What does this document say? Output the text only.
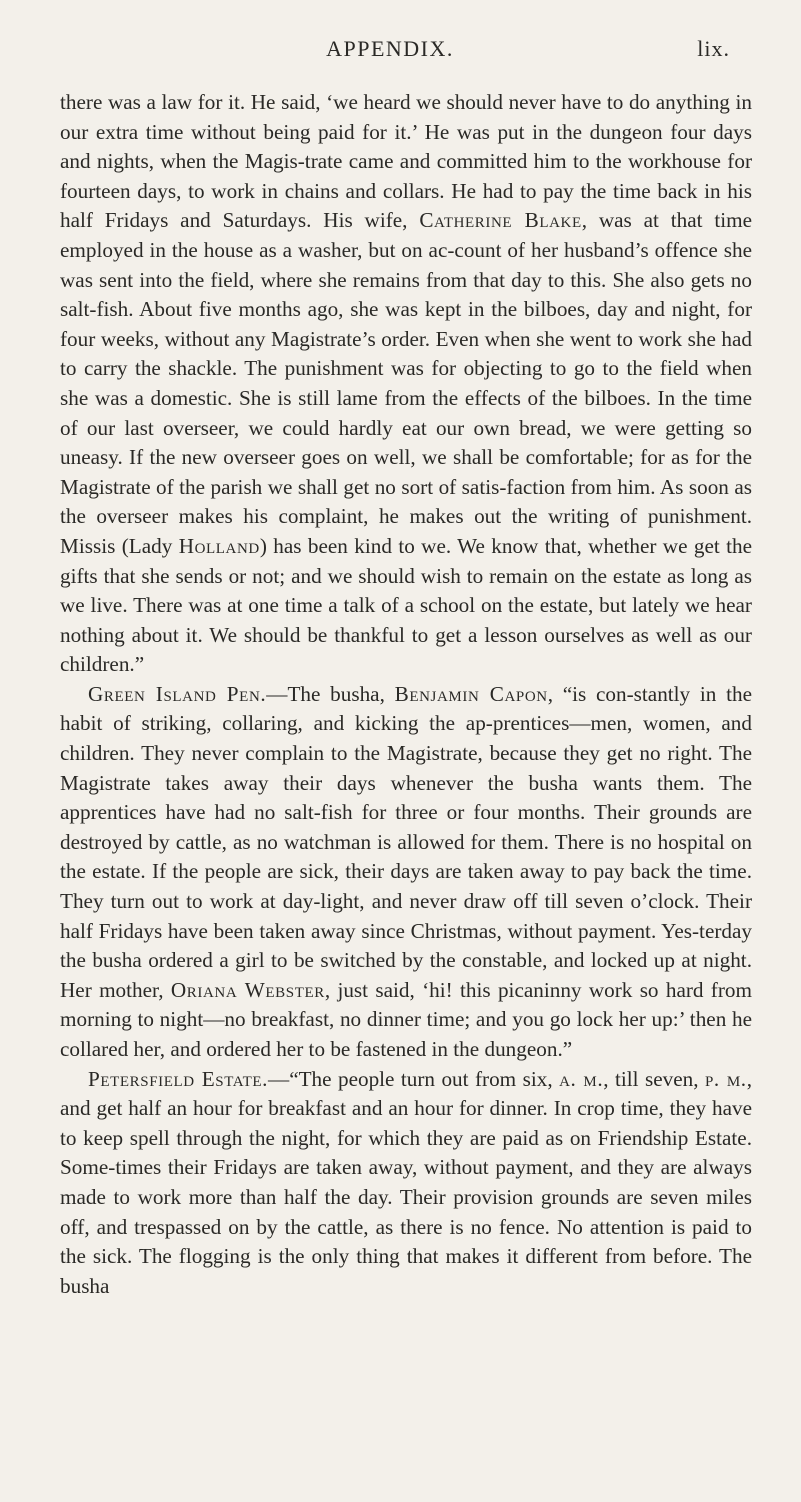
APPENDIX.	lix.

there was a law for it. He said, ‘we heard we should never have to do anything in our extra time without being paid for it.’ He was put in the dungeon four days and nights, when the Magis-trate came and committed him to the workhouse for fourteen days, to work in chains and collars. He had to pay the time back in his half Fridays and Saturdays. His wife, Catherine Blake, was at that time employed in the house as a washer, but on ac-count of her husband’s offence she was sent into the field, where she remains from that day to this. She also gets no salt-fish. About five months ago, she was kept in the bilboes, day and night, for four weeks, without any Magistrate’s order. Even when she went to work she had to carry the shackle. The punishment was for objecting to go to the field when she was a domestic. She is still lame from the effects of the bilboes. In the time of our last overseer, we could hardly eat our own bread, we were getting so uneasy. If the new overseer goes on well, we shall be comfortable; for as for the Magistrate of the parish we shall get no sort of satis-faction from him. As soon as the overseer makes his complaint, he makes out the writing of punishment. Missis (Lady Holland) has been kind to we. We know that, whether we get the gifts that she sends or not; and we should wish to remain on the estate as long as we live. There was at one time a talk of a school on the estate, but lately we hear nothing about it. We should be thankful to get a lesson ourselves as well as our children.”

Green Island Pen.—The busha, Benjamin Capon, “is con-stantly in the habit of striking, collaring, and kicking the ap-prentices—men, women, and children. They never complain to the Magistrate, because they get no right. The Magistrate takes away their days whenever the busha wants them. The apprentices have had no salt-fish for three or four months. Their grounds are destroyed by cattle, as no watchman is allowed for them. There is no hospital on the estate. If the people are sick, their days are taken away to pay back the time. They turn out to work at day-light, and never draw off till seven o’clock. Their half Fridays have been taken away since Christmas, without payment. Yes-terday the busha ordered a girl to be switched by the constable, and locked up at night. Her mother, Oriana Webster, just said, ‘hi! this picaninny work so hard from morning to night—no breakfast, no dinner time; and you go lock her up:’ then he collared her, and ordered her to be fastened in the dungeon.”

Petersfield Estate.—“The people turn out from six, a. m., till seven, p. m., and get half an hour for breakfast and an hour for dinner. In crop time, they have to keep spell through the night, for which they are paid as on Friendship Estate. Some-times their Fridays are taken away, without payment, and they are always made to work more than half the day. Their provision grounds are seven miles off, and trespassed on by the cattle, as there is no fence. No attention is paid to the sick. The flogging is the only thing that makes it different from before. The busha
